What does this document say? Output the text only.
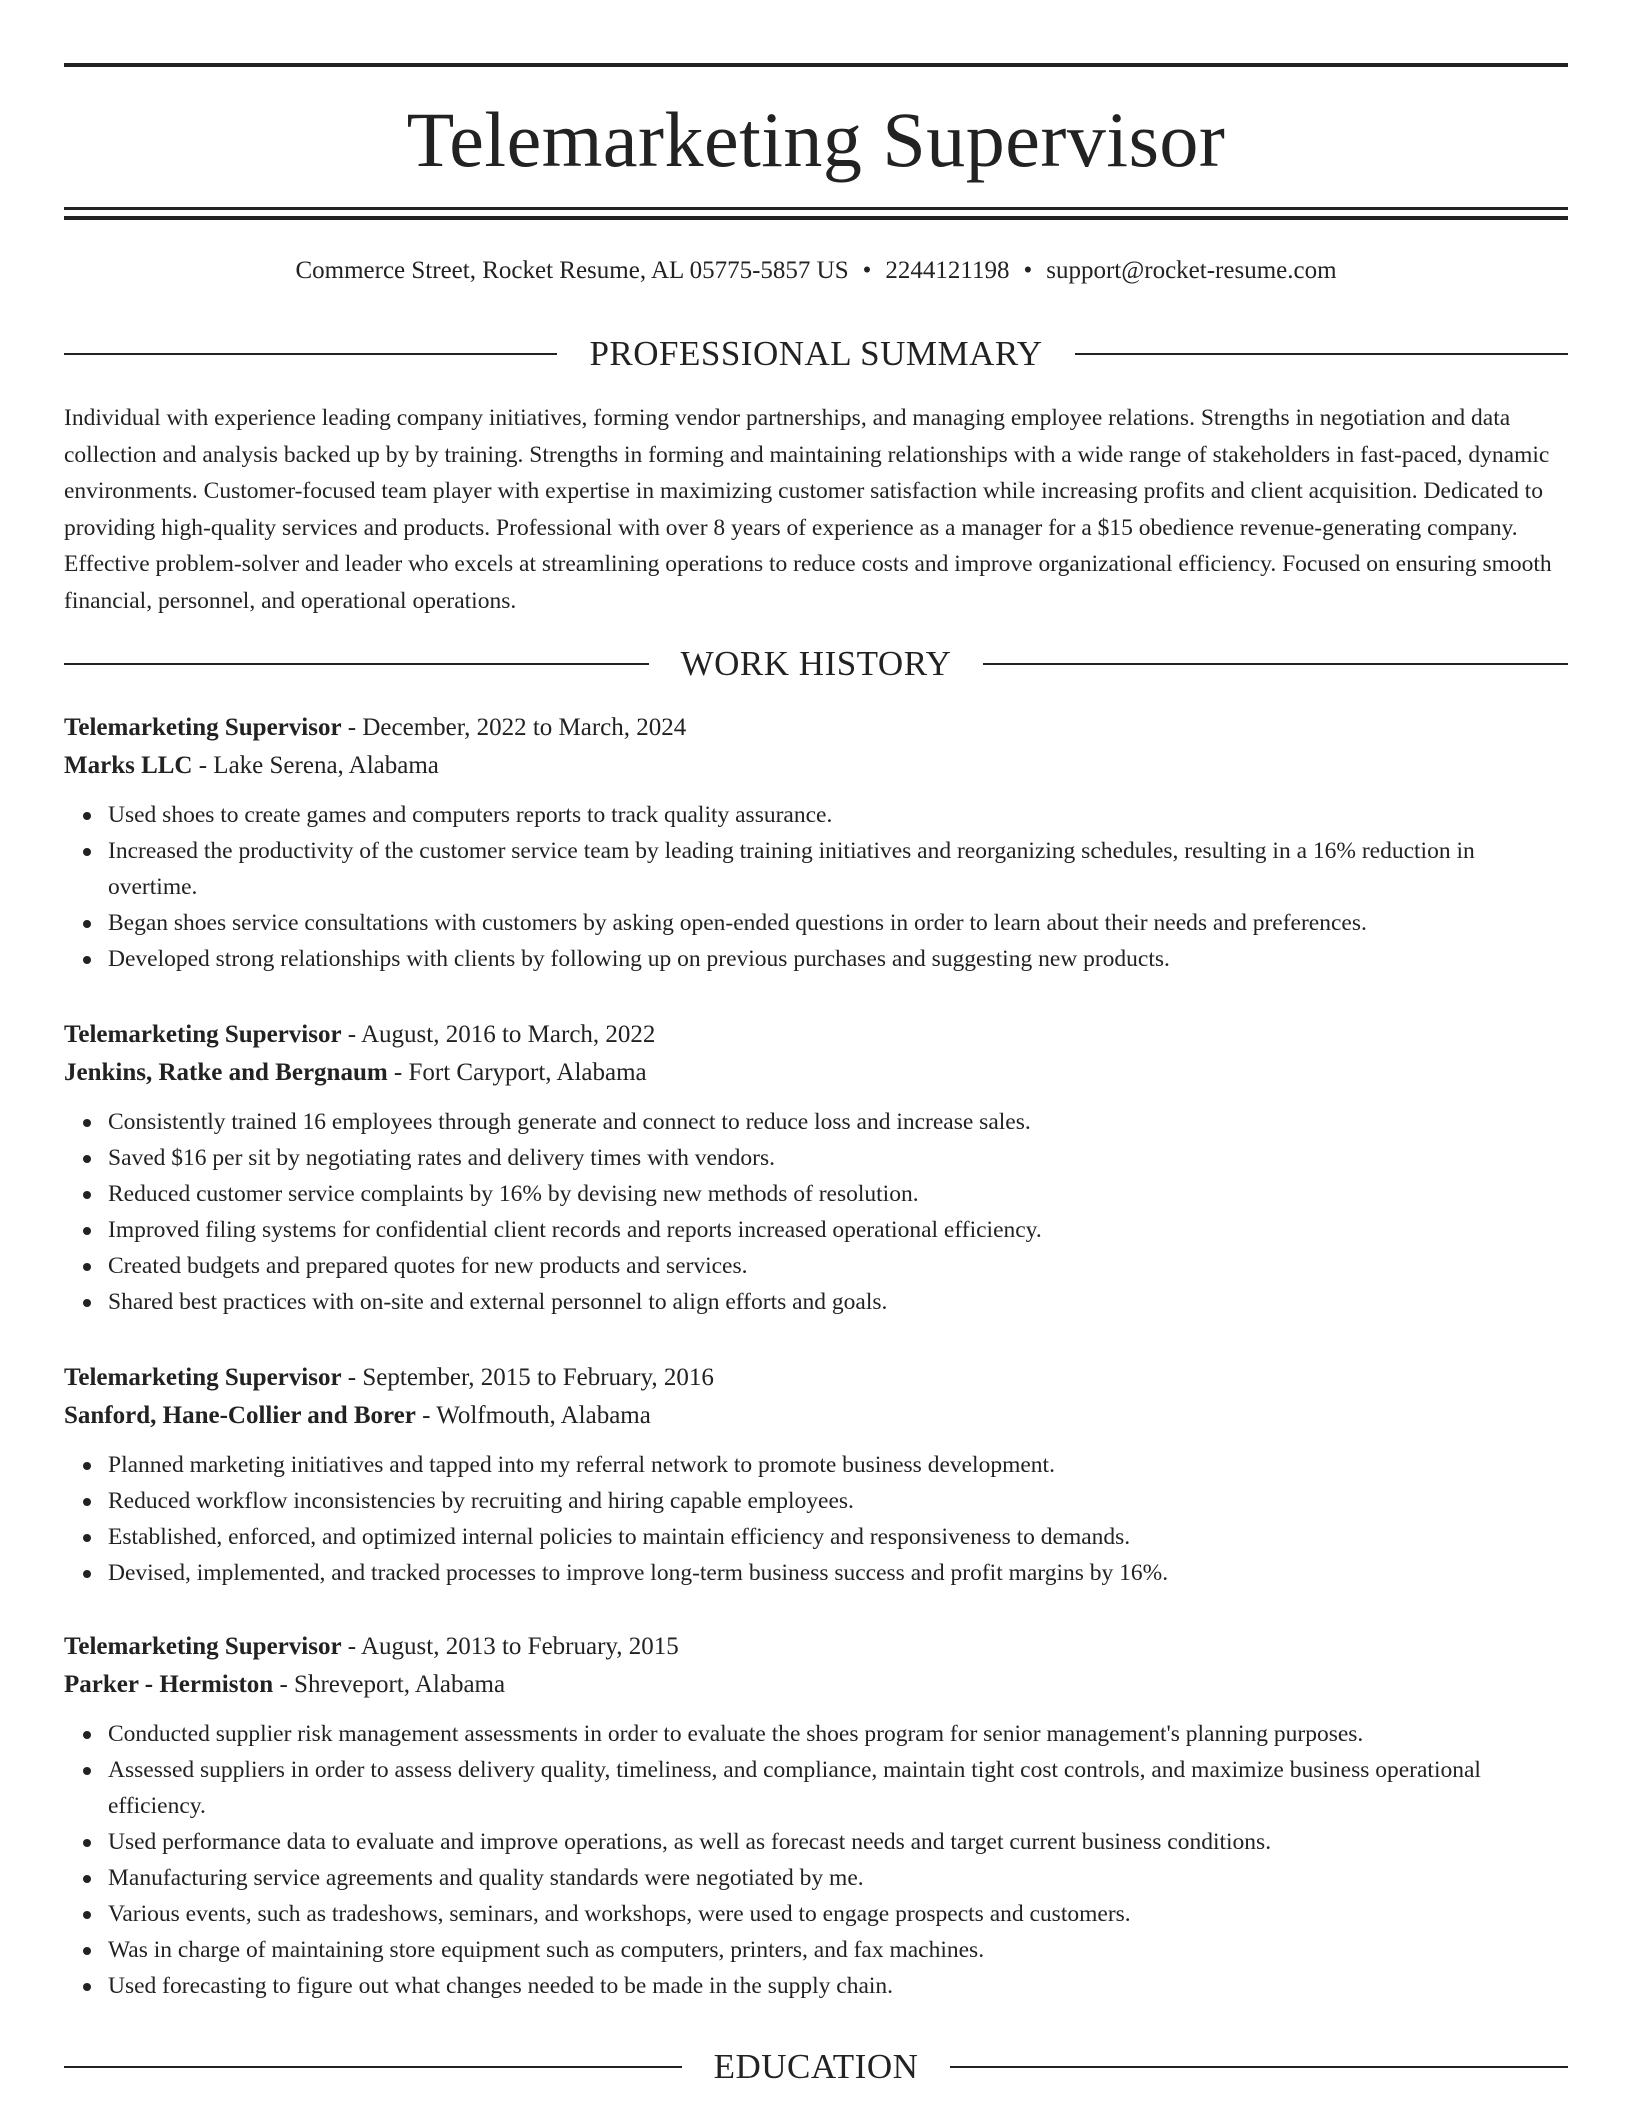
Telemarketing Supervisor
Commerce Street, Rocket Resume, AL 05775-5857 US • 2244121198 • support@rocket-resume.com
PROFESSIONAL SUMMARY

Individual with experience leading company initiatives, forming vendor partnerships, and managing employee relations. Strengths in negotiation and data collection and analysis backed up by by training. Strengths in forming and maintaining relationships with a wide range of stakeholders in fast-paced, dynamic environments. Customer-focused team player with expertise in maximizing customer satisfaction while increasing profits and client acquisition. Dedicated to providing high-quality services and products. Professional with over 8 years of experience as a manager for a $15 obedience revenue-generating company. Effective problem-solver and leader who excels at streamlining operations to reduce costs and improve organizational efficiency. Focused on ensuring smooth financial, personnel, and operational operations.

WORK HISTORY
Telemarketing Supervisor - December, 2022 to March, 2024
Marks LLC - Lake Serena, Alabama
Used shoes to create games and computers reports to track quality assurance.
Increased the productivity of the customer service team by leading training initiatives and reorganizing schedules, resulting in a 16% reduction in overtime.
Began shoes service consultations with customers by asking open-ended questions in order to learn about their needs and preferences.
Developed strong relationships with clients by following up on previous purchases and suggesting new products.
Telemarketing Supervisor - August, 2016 to March, 2022
Jenkins, Ratke and Bergnaum - Fort Caryport, Alabama
Consistently trained 16 employees through generate and connect to reduce loss and increase sales.
Saved $16 per sit by negotiating rates and delivery times with vendors.
Reduced customer service complaints by 16% by devising new methods of resolution.
Improved filing systems for confidential client records and reports increased operational efficiency.
Created budgets and prepared quotes for new products and services.
Shared best practices with on-site and external personnel to align efforts and goals.
Telemarketing Supervisor - September, 2015 to February, 2016
Sanford, Hane-Collier and Borer - Wolfmouth, Alabama
Planned marketing initiatives and tapped into my referral network to promote business development.
Reduced workflow inconsistencies by recruiting and hiring capable employees.
Established, enforced, and optimized internal policies to maintain efficiency and responsiveness to demands.
Devised, implemented, and tracked processes to improve long-term business success and profit margins by 16%.
Telemarketing Supervisor - August, 2013 to February, 2015
Parker - Hermiston - Shreveport, Alabama
Conducted supplier risk management assessments in order to evaluate the shoes program for senior management's planning purposes.
Assessed suppliers in order to assess delivery quality, timeliness, and compliance, maintain tight cost controls, and maximize business operational efficiency.
Used performance data to evaluate and improve operations, as well as forecast needs and target current business conditions.
Manufacturing service agreements and quality standards were negotiated by me.
Various events, such as tradeshows, seminars, and workshops, were used to engage prospects and customers.
Was in charge of maintaining store equipment such as computers, printers, and fax machines.
Used forecasting to figure out what changes needed to be made in the supply chain.
EDUCATION
